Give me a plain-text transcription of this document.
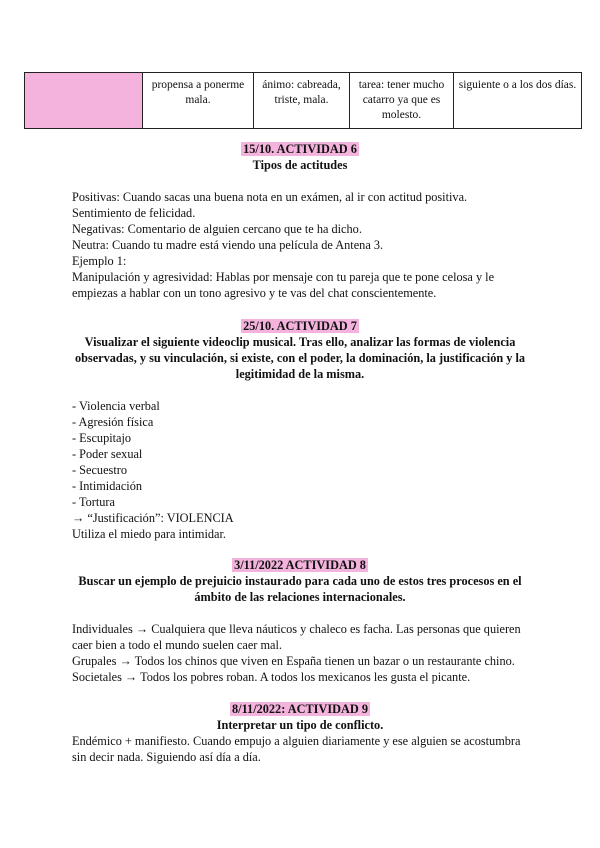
	propensa a ponerme mala.	ánimo: cabreada, triste, mala.	tarea: tener mucho catarro ya que es molesto.	siguiente o a los dos días.
15/10. ACTIVIDAD 6
Tipos de actitudes

Positivas: Cuando sacas una buena nota en un exámen, al ir con actitud positiva. Sentimiento de felicidad.

Negativas: Comentario de alguien cercano que te ha dicho.

Neutra: Cuando tu madre está viendo una película de Antena 3.

Ejemplo 1:

Manipulación y agresividad: Hablas por mensaje con tu pareja que te pone celosa y le empiezas a hablar con un tono agresivo y te vas del chat conscientemente.

25/10. ACTIVIDAD 7
Visualizar el siguiente videoclip musical. Tras ello, analizar las formas de violencia observadas, y su vinculación, si existe, con el poder, la dominación, la justificación y la legitimidad de la misma.

- Violencia verbal

- Agresión física

- Escupitajo

- Poder sexual

- Secuestro

- Intimidación

- Tortura

→ “Justificación”: VIOLENCIA

Utiliza el miedo para intimidar.

3/11/2022 ACTIVIDAD 8
Buscar un ejemplo de prejuicio instaurado para cada uno de estos tres procesos en el ámbito de las relaciones internacionales.

Individuales → Cualquiera que lleva náuticos y chaleco es facha. Las personas que quieren caer bien a todo el mundo suelen caer mal.

Grupales → Todos los chinos que viven en España tienen un bazar o un restaurante chino.

Societales → Todos los pobres roban. A todos los mexicanos les gusta el picante.

8/11/2022: ACTIVIDAD 9
Interpretar un tipo de conflicto.

Endémico + manifiesto. Cuando empujo a alguien diariamente y ese alguien se acostumbra sin decir nada. Siguiendo así día a día.
